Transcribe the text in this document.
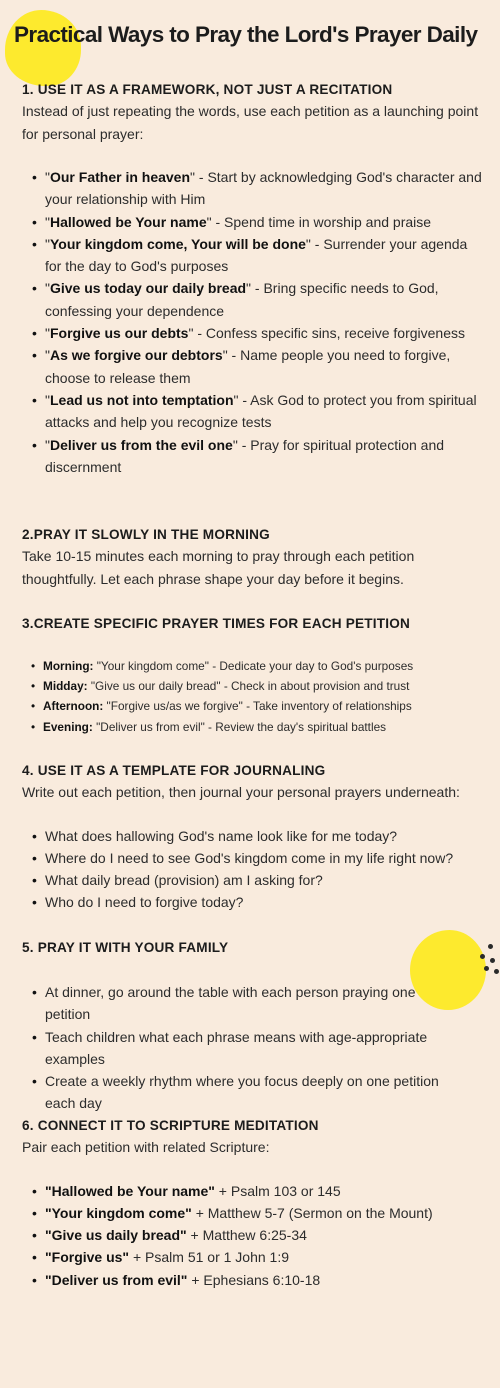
Practical Ways to Pray the Lord's Prayer Daily
1. USE IT AS A FRAMEWORK, NOT JUST A RECITATION

Instead of just repeating the words, use each petition as a launching point for personal prayer:

• "Our Father in heaven" - Start by acknowledging God's character and your relationship with Him
• "Hallowed be Your name" - Spend time in worship and praise
• "Your kingdom come, Your will be done" - Surrender your agenda for the day to God's purposes
• "Give us today our daily bread" - Bring specific needs to God, confessing your dependence
• "Forgive us our debts" - Confess specific sins, receive forgiveness
• "As we forgive our debtors" - Name people you need to forgive, choose to release them
• "Lead us not into temptation" - Ask God to protect you from spiritual attacks and help you recognize tests
• "Deliver us from the evil one" - Pray for spiritual protection and discernment
2.PRAY IT SLOWLY IN THE MORNING

Take 10-15 minutes each morning to pray through each petition thoughtfully. Let each phrase shape your day before it begins.

3.CREATE SPECIFIC PRAYER TIMES FOR EACH PETITION
• Morning: "Your kingdom come" - Dedicate your day to God's purposes
• Midday: "Give us our daily bread" - Check in about provision and trust
• Afternoon: "Forgive us/as we forgive" - Take inventory of relationships
• Evening: "Deliver us from evil" - Review the day's spiritual battles
4. USE IT AS A TEMPLATE FOR JOURNALING

Write out each petition, then journal your personal prayers underneath:

• What does hallowing God's name look like for me today?
• Where do I need to see God's kingdom come in my life right now?
• What daily bread (provision) am I asking for?
• Who do I need to forgive today?
5. PRAY IT WITH YOUR FAMILY
• At dinner, go around the table with each person praying one petition
• Teach children what each phrase means with age-appropriate examples
• Create a weekly rhythm where you focus deeply on one petition each day
6. CONNECT IT TO SCRIPTURE MEDITATION

Pair each petition with related Scripture:

• "Hallowed be Your name" + Psalm 103 or 145
• "Your kingdom come" + Matthew 5-7 (Sermon on the Mount)
• "Give us daily bread" + Matthew 6:25-34
• "Forgive us" + Psalm 51 or 1 John 1:9
• "Deliver us from evil" + Ephesians 6:10-18
